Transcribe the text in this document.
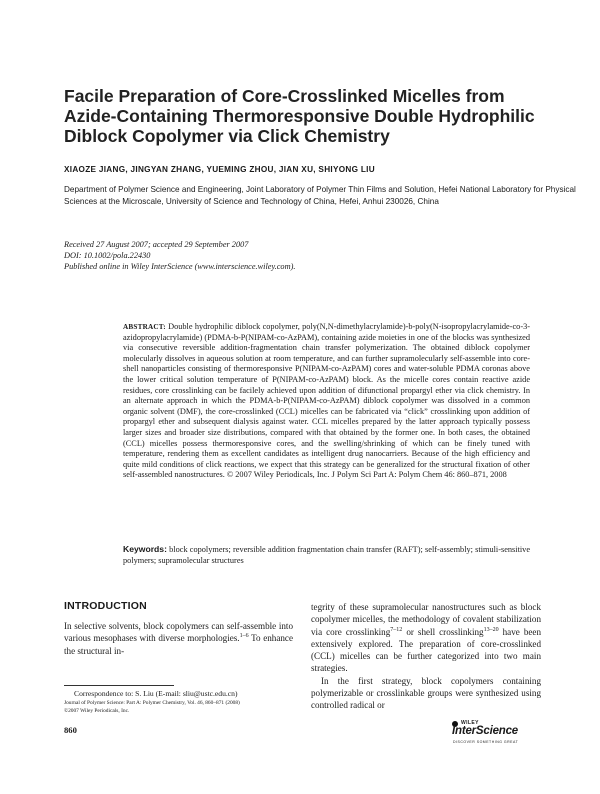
Facile Preparation of Core-Crosslinked Micelles from Azide-Containing Thermoresponsive Double Hydrophilic Diblock Copolymer via Click Chemistry
XIAOZE JIANG, JINGYAN ZHANG, YUEMING ZHOU, JIAN XU, SHIYONG LIU
Department of Polymer Science and Engineering, Joint Laboratory of Polymer Thin Films and Solution, Hefei National Laboratory for Physical Sciences at the Microscale, University of Science and Technology of China, Hefei, Anhui 230026, China
Received 27 August 2007; accepted 29 September 2007
DOI: 10.1002/pola.22430
Published online in Wiley InterScience (www.interscience.wiley.com).
ABSTRACT: Double hydrophilic diblock copolymer, poly(N,N-dimethylacrylamide)-b-poly(N-isopropylacrylamide-co-3-azidopropylacrylamide) (PDMA-b-P(NIPAM-co-AzPAM), containing azide moieties in one of the blocks was synthesized via consecutive reversible addition-fragmentation chain transfer polymerization. The obtained diblock copolymer molecularly dissolves in aqueous solution at room temperature, and can further supramolecularly self-assemble into core-shell nanoparticles consisting of thermoresponsive P(NIPAM-co-AzPAM) cores and water-soluble PDMA coronas above the lower critical solution temperature of P(NIPAM-co-AzPAM) block. As the micelle cores contain reactive azide residues, core crosslinking can be facilely achieved upon addition of difunctional propargyl ether via click chemistry. In an alternate approach in which the PDMA-b-P(NIPAM-co-AzPAM) diblock copolymer was dissolved in a common organic solvent (DMF), the core-crosslinked (CCL) micelles can be fabricated via “click” crosslinking upon addition of propargyl ether and subsequent dialysis against water. CCL micelles prepared by the latter approach typically possess larger sizes and broader size distributions, compared with that obtained by the former one. In both cases, the obtained (CCL) micelles possess thermoresponsive cores, and the swelling/shrinking of which can be finely tuned with temperature, rendering them as excellent candidates as intelligent drug nanocarriers. Because of the high efficiency and quite mild conditions of click reactions, we expect that this strategy can be generalized for the structural fixation of other self-assembled nanostructures. © 2007 Wiley Periodicals, Inc. J Polym Sci Part A: Polym Chem 46: 860–871, 2008
Keywords: block copolymers; reversible addition fragmentation chain transfer (RAFT); self-assembly; stimuli-sensitive polymers; supramolecular structures
INTRODUCTION

In selective solvents, block copolymers can self-assemble into various mesophases with diverse morphologies.$^{1-6}$ To enhance the structural in-

tegrity of these supramolecular nanostructures such as block copolymer micelles, the methodology of covalent stabilization via core crosslinking$^{7-12}$ or shell crosslinking$^{13-20}$ have been extensively explored. The preparation of core-crosslinked (CCL) micelles can be further categorized into two main strategies.

In the first strategy, block copolymers containing polymerizable or crosslinkable groups were synthesized using controlled radical or

Correspondence to: S. Liu (E-mail: sliu@ustc.edu.cn)
Journal of Polymer Science: Part A: Polymer Chemistry, Vol. 46, 860–871 (2008)
©2007 Wiley Periodicals, Inc.
860
WILEY
InterScience
DISCOVER SOMETHING GREAT
